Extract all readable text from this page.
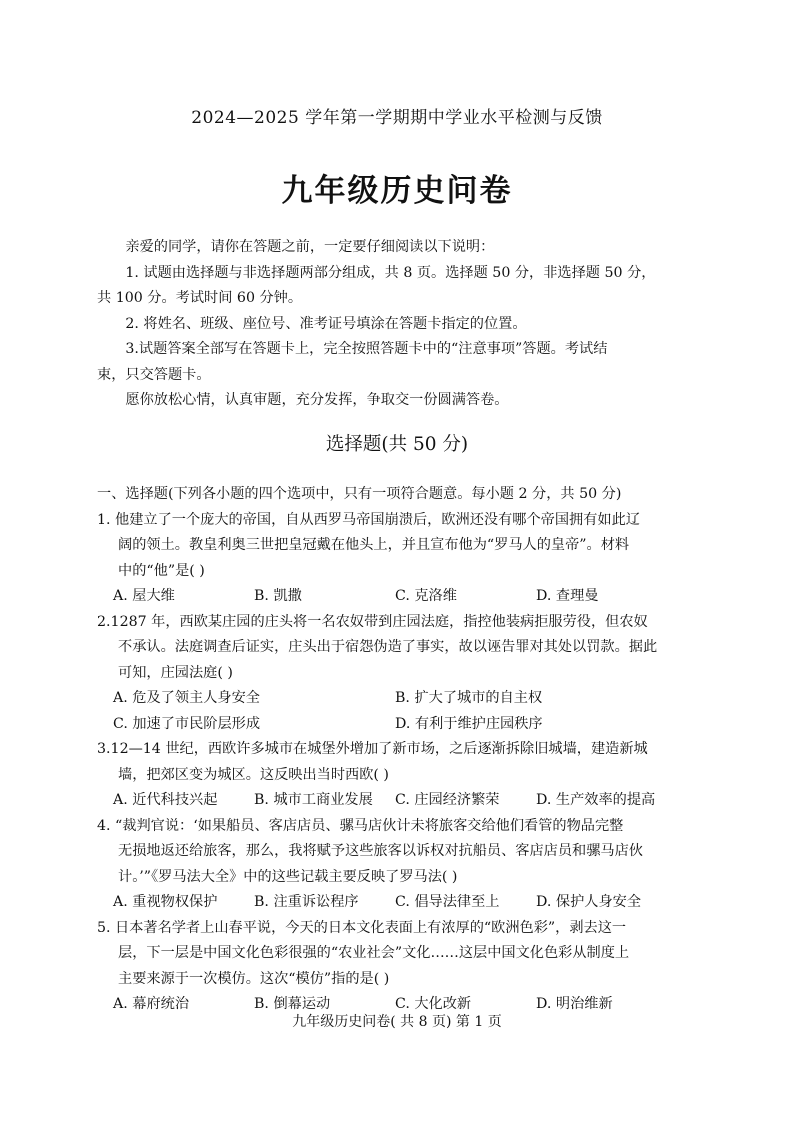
2024—2025 学年第一学期期中学业水平检测与反馈
九年级历史问卷

亲爱的同学，请你在答题之前，一定要仔细阅读以下说明：

1. 试题由选择题与非选择题两部分组成，共 8 页。选择题 50 分，非选择题 50 分，

共 100 分。考试时间 60 分钟。

2. 将姓名、班级、座位号、准考证号填涂在答题卡指定的位置。

3.试题答案全部写在答题卡上，完全按照答题卡中的“注意事项”答题。考试结

束，只交答题卡。

愿你放松心情，认真审题，充分发挥，争取交一份圆满答卷。

选择题(共 50 分)

一、选择题(下列各小题的四个选项中，只有一项符合题意。每小题 2 分，共 50 分)

1. 他建立了一个庞大的帝国，自从西罗马帝国崩溃后，欧洲还没有哪个帝国拥有如此辽

阔的领土。教皇利奥三世把皇冠戴在他头上，并且宣布他为“罗马人的皇帝”。材料

中的“他”是( )

A. 屋大维	B. 凯撒	C. 克洛维	D. 查理曼

2.1287 年，西欧某庄园的庄头将一名农奴带到庄园法庭，指控他装病拒服劳役，但农奴

不承认。法庭调查后证实，庄头出于宿怨伪造了事实，故以诬告罪对其处以罚款。据此

可知，庄园法庭( )

A. 危及了领主人身安全	B. 扩大了城市的自主权
C. 加速了市民阶层形成	D. 有利于维护庄园秩序

3.12—14 世纪，西欧许多城市在城堡外增加了新市场，之后逐渐拆除旧城墙，建造新城

墙，把郊区变为城区。这反映出当时西欧( )

A. 近代科技兴起	B. 城市工商业发展	C. 庄园经济繁荣	D. 生产效率的提高

4. “裁判官说：‘如果船员、客店店员、骡马店伙计未将旅客交给他们看管的物品完整

无损地返还给旅客，那么，我将赋予这些旅客以诉权对抗船员、客店店员和骡马店伙

计。’”《罗马法大全》中的这些记载主要反映了罗马法( )

A. 重视物权保护	B. 注重诉讼程序	C. 倡导法律至上	D. 保护人身安全

5. 日本著名学者上山春平说，今天的日本文化表面上有浓厚的“欧洲色彩”，剥去这一

层，下一层是中国文化色彩很强的“农业社会”文化……这层中国文化色彩从制度上

主要来源于一次模仿。这次“模仿”指的是( )

A. 幕府统治	B. 倒幕运动	C. 大化改新	D. 明治维新
九年级历史问卷( 共 8 页) 第 1 页
